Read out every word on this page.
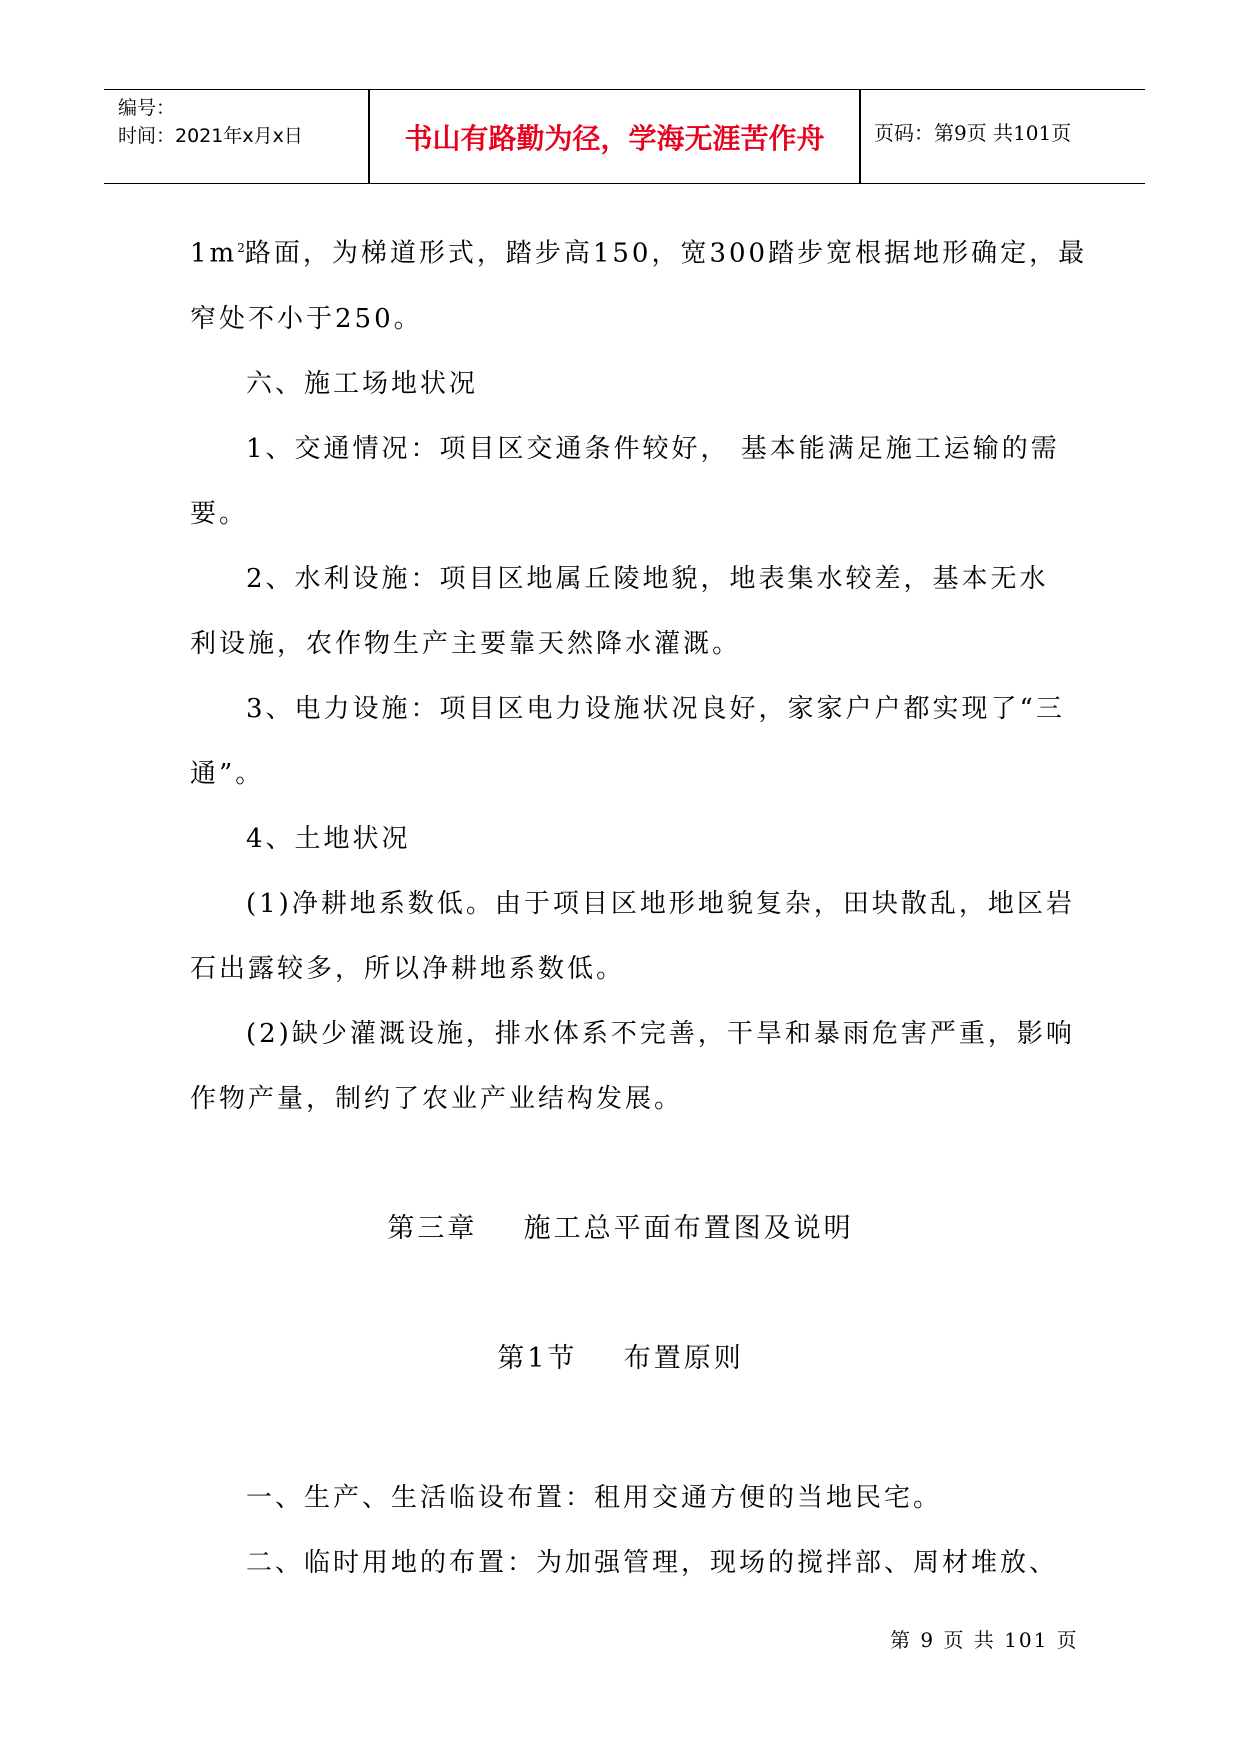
编号：
时间：2021年x月x日	书山有路勤为径，学海无涯苦作舟	页码：第9页 共101页

$1m^2$路面，为梯道形式，踏步高150，宽300踏步宽根据地形确定，最

窄处不小于250。

六、施工场地状况

1、交通情况：项目区交通条件较好， 基本能满足施工运输的需

要。

2、水利设施：项目区地属丘陵地貌，地表集水较差，基本无水

利设施，农作物生产主要靠天然降水灌溉。

3、电力设施：项目区电力设施状况良好，家家户户都实现了“三

通”。

4、土地状况

(1)净耕地系数低。由于项目区地形地貌复杂，田块散乱，地区岩

石出露较多，所以净耕地系数低。

(2)缺少灌溉设施，排水体系不完善，干旱和暴雨危害严重，影响

作物产量，制约了农业产业结构发展。

第三章    施工总平面布置图及说明
第1节    布置原则

一、生产、生活临设布置：租用交通方便的当地民宅。

二、临时用地的布置：为加强管理，现场的搅拌部、周材堆放、

第 9 页 共 101 页
